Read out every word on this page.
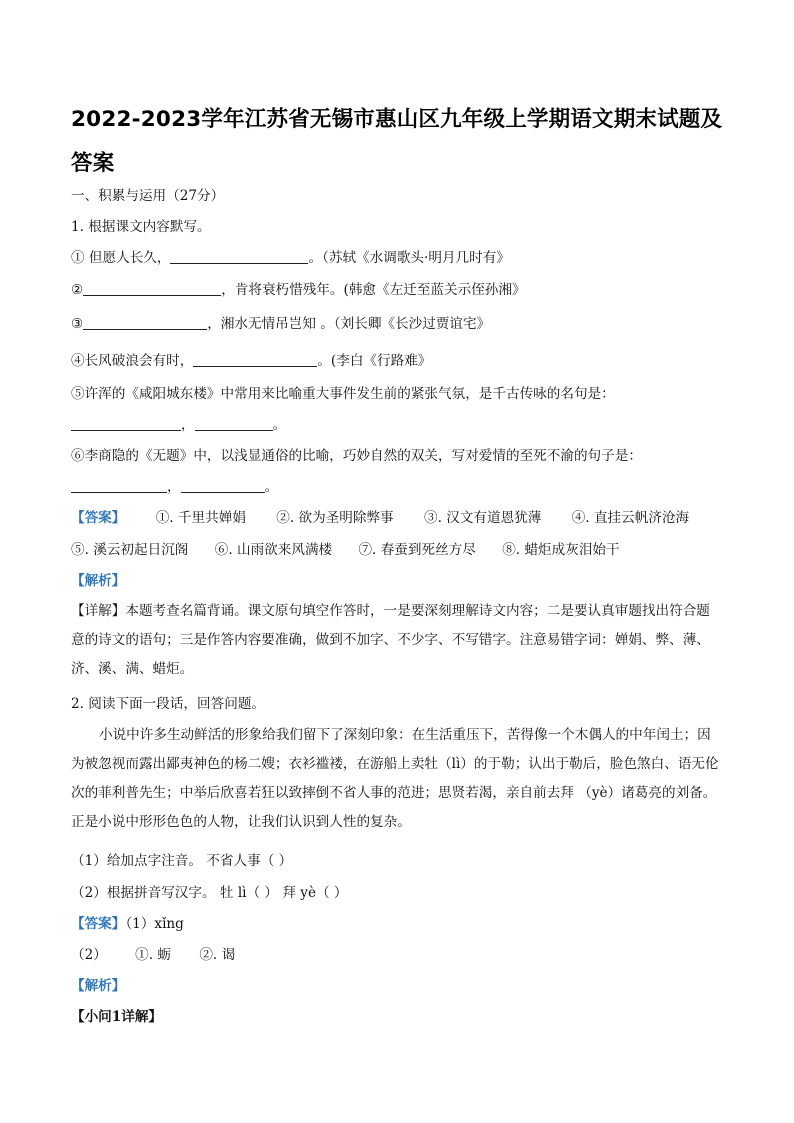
2022-2023学年江苏省无锡市惠山区九年级上学期语文期末试题及答案
一、积累与运用（27分）
1. 根据课文内容默写。
① 但愿人长久，	。（苏轼《水调歌头·明月几时有》
②	，肯将衰朽惜残年。(韩愈《左迁至蓝关示侄孙湘》
③	，湘水无情吊岂知 。（刘长卿《长沙过贾谊宅》
④长风破浪会有时，	。(李白《行路难》
⑤许浑的《咸阳城东楼》中常用来比喻重大事件发生前的紧张气氛，是千古传咏的名句是：
，	。
⑥李商隐的《无题》中，以浅显通俗的比喻，巧妙自然的双关，写对爱情的至死不渝的句子是：
，	。
【答案】 ①. 千里共婵娟 ②. 欲为圣明除弊事 ③. 汉文有道恩犹薄 ④. 直挂云帆济沧海
⑤. 溪云初起日沉阁 ⑥. 山雨欲来风满楼 ⑦. 春蚕到死丝方尽 ⑧. 蜡炬成灰泪始干
【解析】
【详解】本题考查名篇背诵。课文原句填空作答时，一是要深刻理解诗文内容；二是要认真审题找出符合题意的诗文的语句；三是作答内容要准确，做到不加字、不少字、不写错字。注意易错字词：婵娟、弊、薄、济、溪、满、蜡炬。
2. 阅读下面一段话，回答问题。
小说中许多生动鲜活的形象给我们留下了深刻印象：在生活重压下，苦得像一个木偶人的中年闰土；因为被忽视而露出鄙夷神色的杨二嫂；衣衫褴褛，在游船上卖牡（lì）的于勒；认出于勒后，脸色煞白、语无伦次的菲利普先生；中举后欣喜若狂以致摔倒不省人事的范进；思贤若渴，亲自前去拜 （yè）诸葛亮的刘备。正是小说中形形色色的人物，让我们认识到人性的复杂。
（1）给加点字注音。 不省人事（ ）
（2）根据拼音写汉字。 牡 lì（ ） 拜 yè（ ）
【答案】（1）xǐng
（2） ①. 蛎 ②. 谒
【解析】
【小问1详解】
